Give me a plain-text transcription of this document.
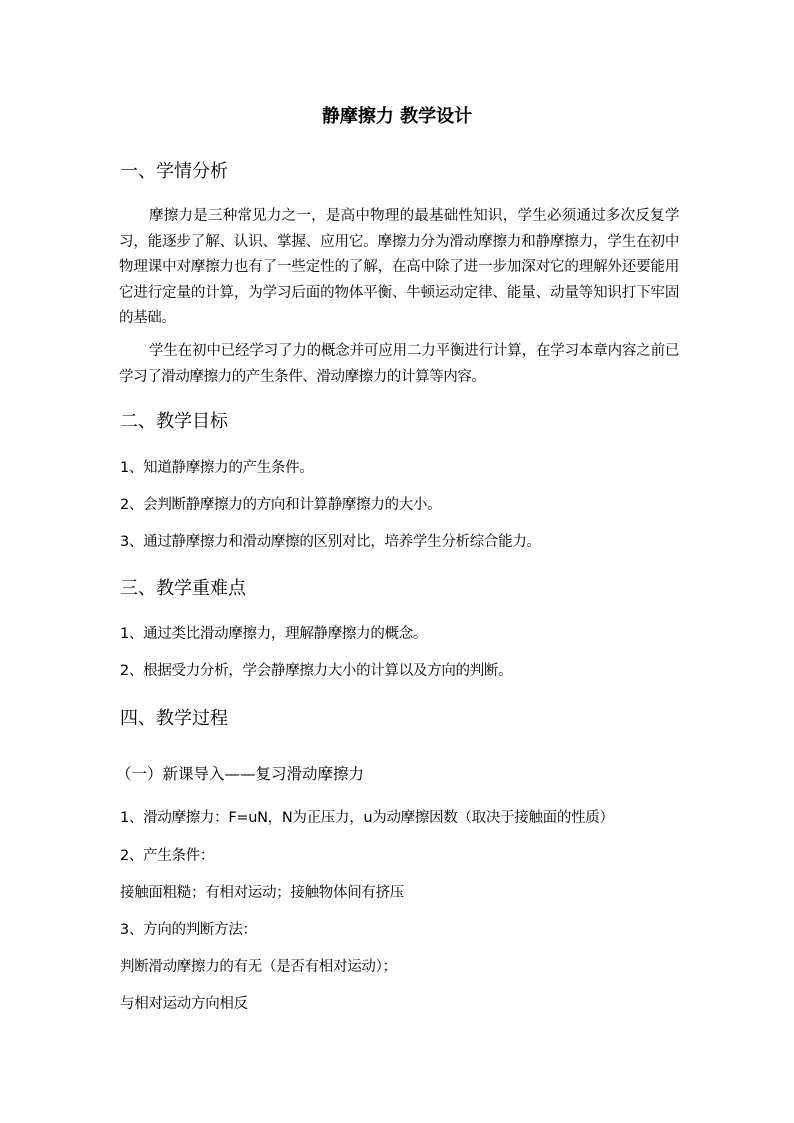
静摩擦力 教学设计
一、学情分析
摩擦力是三种常见力之一，是高中物理的最基础性知识，学生必须通过多次反复学习，能逐步了解、认识、掌握、应用它。摩擦力分为滑动摩擦力和静摩擦力，学生在初中物理课中对摩擦力也有了一些定性的了解，在高中除了进一步加深对它的理解外还要能用它进行定量的计算，为学习后面的物体平衡、牛顿运动定律、能量、动量等知识打下牢固的基础。
学生在初中已经学习了力的概念并可应用二力平衡进行计算，在学习本章内容之前已学习了滑动摩擦力的产生条件、滑动摩擦力的计算等内容。
二、教学目标
1、知道静摩擦力的产生条件。
2、会判断静摩擦力的方向和计算静摩擦力的大小。
3、通过静摩擦力和滑动摩擦的区别对比，培养学生分析综合能力。
三、教学重难点
1、通过类比滑动摩擦力，理解静摩擦力的概念。
2、根据受力分析，学会静摩擦力大小的计算以及方向的判断。
四、教学过程
（一）新课导入——复习滑动摩擦力
1、滑动摩擦力：F=uN，N为正压力，u为动摩擦因数（取决于接触面的性质）
2、产生条件：
接触面粗糙；有相对运动；接触物体间有挤压
3、方向的判断方法：
判断滑动摩擦力的有无（是否有相对运动）；
与相对运动方向相反
